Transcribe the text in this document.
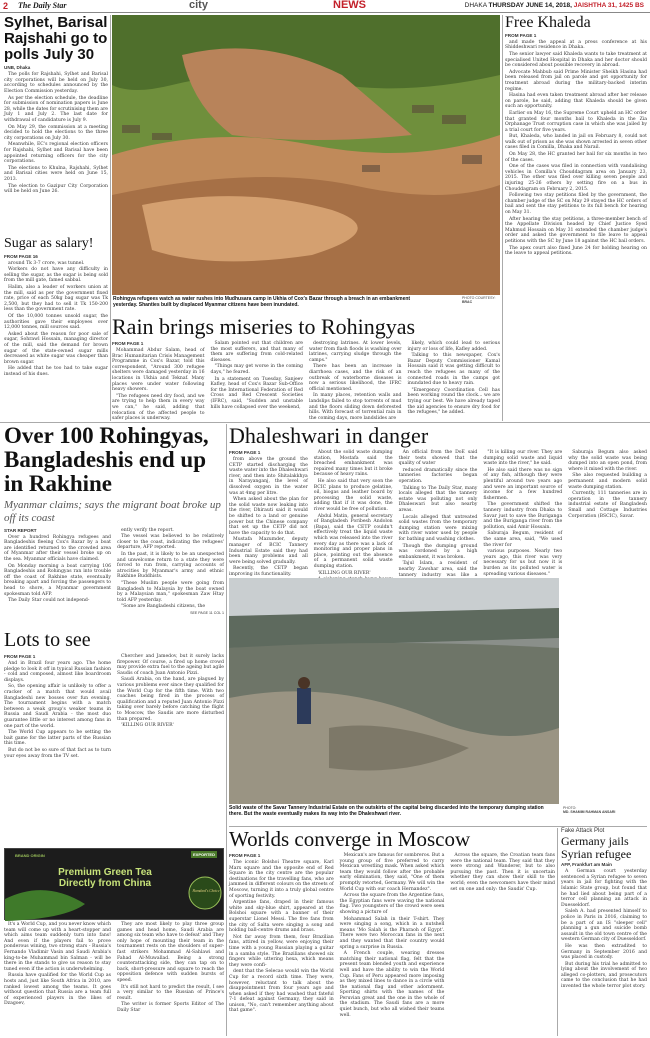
2 The Daily Star	city	NEWS	DHAKA THURSDAY JUNE 14, 2018, JAISHTHA 31, 1425 BS
Sylhet, Barisal Rajshahi go to polls July 30
UNB, Dhaka

The polls for Rajshahi, Sylhet and Barisal city corporations will be held on July 30, according to schedules announced by the Election Commission yesterday.

As per the election schedule, the deadline for submission of nomination papers is June 28, while the dates for scrutinising them are July 1 and July 2. The last date for withdrawal of candidature is July 9.

On May 29, the commission at a meeting decided to hold the elections to the three city corporations on July 30.

Meanwhile, EC's regional election officers for Rajshahi, Sylhet and Barisal have been appointed returning officers for the city corporations.

The elections to Khulna, Rajshahi, Sylhet and Barisal cities were held on June 15, 2013.

The election to Gazipur City Corporation will be held on June 26.

Sugar as salary!
FROM PAGE 16

around Tk 3-7 crore, was tunnel.

Workers do not have any difficulty in selling the sugar, as the sugar is being sold from the mill gate, famed sabbal.

Halim, also a leader of workers union at the mill, said as per the government fixed rate, price of each 50kg bag sugar was Tk 2,500, but they had to sell it Tk 150-200 less than the government rate.

Of the 10,000 tonnes unsold sugar, the authorities gave their employees over 12,000 tonnes, mill sources said.

Asked about the reason for poor sale of sugar, Sohrawl Hossain, managing director of the mill, said the demand for brown sugar of the state-owned sugar mills decreased as white sugar was cheaper than brown sugar.

He added that he too had to take sugar instead of his dues.

Rohingya refugees watch as water rushes into Mudhusara camp in Ukhia of Cox's Bazar through a breach in an embankment yesterday. Shanties built by displaced Myanmar citizens have been inundated.
PHOTO COURTESY:
BRAC
Rain brings miseries to Rohingyas
FROM PAGE 1

Mohammad Abdur Salam, head of Brac Humanitarian Crisis Management Programme in Cox's Bazar, told this correspondent, "Around 300 refugee shelters were damaged yesterday in 16 locations in Ukhia and Teknaf. Many places were under water following heavy showers.

"The refugees need dry food, and we are trying to help them in every way we can," he said, adding that relocation of the affected people to safer places is underway.

Salam pointed out that children are the most sufferers, and that many of them are suffering from cold-related diseases.

"Things may get worse in the coming days," he feared.

In a statement on Tuesday, Sanjeev Kafley, head of Cox's Bazar Sub-Office for the International Federation of Red Cross and Red Crescent Societies (IFRC), said, "Sudden and unstable hills have collapsed over the weekend,

destroying latrines. At lower levels, water from flash floods is washing over latrines, carrying sludge through the camps."

There has been an increase in diarrhoea cases, and the risk of an outbreak of waterborne diseases is now a serious likelihood, the IFRC official mentioned.

In many places, retention walls and landslips failed to stop torrents of mud and the floors sliding down deforested hills. With forecast of torrential rain in the coming days, more landslides are

likely, which could lead to serious injury or loss of life, Kafley added.

Talking to this newspaper, Cox's Bazar Deputy Commissioner Kamal Hossain said it was getting difficult to reach the refugees as many of the connected roads in the camps got inundated due to heavy rain.

"Emergency Coordination Cell has been working round the clock... we are trying our best. We have already taped the aid agencies to ensure dry food for the refugees," he added.

Free Khaleda
FROM PAGE 1

and made the appeal at a press conference at his Shiddeshwari residence in Dhaka.

The senior lawyer said Khaleda wants to take treatment at specialised United Hospital in Dhaka and her doctor should be considered about possible recovery in abroad.

Advocate Mahbub said Prime Minister Sheikh Hasina had been released from jail on parole and got opportunity for treatment abroad during the military-backed interim regime.

Hasina had even taken treatment abroad after her release on parole, he said, adding that Khaleda should be given such an opportunity.

Earlier on May 16, the Supreme Court upheld an HC order that granted four months bail to Khaleda in the Zia Orphanage Trust corruption case in which she was jailed by a trial court for five years.

But, Khaleda, who landed in jail on February 8, could not walk out of prison as she was shown arrested in seven other cases filed in Comilla, Dhaka and Narail.

On May 28, the HC granted her bail for six months in two of the cases.

One of the cases was filed in connection with vandalising vehicles in Comilla's Chouddagram area on January 23, 2015. The other was filed over killing seven people and injuring 25-26 others by setting fire on a bus in Chouddagram on February 2, 2015.

Following two stay petitions filed by the government, the chamber judge of the SC on May 29 stayed the HC orders of bail and sent the stay petitions to its full bench for hearing on May 31.

After hearing the stay petitions, a three-member bench of the Appellate Division headed by Chief Justice Syed Mahmud Hossain on May 31 extended the chamber judge's order and asked the government to file leave to appeal petitions with the SC by June 18 against the HC bail orders.

The apex court also fixed June 24 for holding hearing on the leave to appeal petitions.

Over 100 Rohingyas, Bangladeshis end up in Rakhine
Myanmar claims; says the migrant boat broke up off its coast
STAR REPORT

Over a hundred Rohingya refugees and Bangladeshis fleeing Cox's Bazar by a boat are identified returned to the crowded area of Myanmar after their vessel broke up on the sea. Myanmar officials have claimed.

On Monday morning a boat carrying 106 Bangladeshis and Rohingyas ran into trouble off the coast of Rakhine state, eventually breaking apart and forcing the passengers to head to shore, a Myanmar government spokesman told AFP.

The Daily Star could not independ-

ently verify the report.

The vessel was believed to be relatively closer to the coast, indicating the refugees' departure, AFP reported.

In the past, it is likely to be an unexpected and unwelcome return to a state they were forced to run from, carrying accounts of atrocities by Myanmar's army and ethnic Rakhine Buddhists.

"These Muslim people were going from Bangladesh to Malaysia by the boat owned by a Malaysian man," spokesman Zaw Htay told AFP yesterday.

"Some are Bangladeshi citizens, the

SEE PAGE 11 COL 1
Lots to see
FROM PAGE 1

And in Brazil four years ago. The home pledge to look it off in typical Russian fashion - cold and composed, almost like boardroom displays.

So, the opening affair is unlikely to offer a cracker of a match that would avail Bangladeshi new bosses over fun evening. The tournament begins with a match between a weak group's weaker teams in Russia and Saudi Arabia - the most duo guarantee little or no interest among fans in one part of the world.

The World Cup appears to be setting the bait game for the latter parts of the Russian this time.

But do not be so sure of that fact as to turn your eyes away from the TV set.

Cherchev and Jamedov, but it surely lacks firepower. Of course, a fired up home crowd may provide extra fuel to the ageing but agile Saudis of coach Juan Antonio Pizzi.

Saudi Arabia, on the hand, are plagued by various problems ever since they qualified for the World Cup for the fifth time. With two coaches being fired in the process of qualification and a reputed Juan Antonio Pizzi taking over barely before catching the flight to Moscow, the Saudis are more disturbed than prepared.

'KILLING OUR RIVER'

BRAND ORIGIN
Premium Green Tea Directly from China
EXPORTED
Hamdard's Choice

It's a World Cup, and you never know which team will come up with a heart-stopper and which aims team suddenly turn into fans! And even if the players fail to prove ponderous wining, two strong stars - Russia's Fernando Vladimir Vasin and Saudi Arabia's king-to-be Muhammad bin Salman - will be there in the stands to give us reason to stay tuned even if the action is underwhelming.

Russia have qualified for the World Cup as hosts and, just like South Africa in 2010, are ranked lowest among the teams. It goes without question that Russia are a team full of experienced players in the likes of Dzagoev,

They are most likely to play three group games and head home, Saudi Arabia are among six team who have to defeat' and They only hope of mounting their team in the tournament rests on the shoulders of super-fast strikers Mohammad Al-Sahlawi and Fahad Al-Muwallad. Being a strong counterattacking side, they can tap on to back, short-pressure and square to reach the opposition defence with sudden bursts of speed.

It's still not hard to predict the result, I see a very similar to the Russian of Prince's result.

The writer is former Sports Editor of The Daily Star

Dhaleshwari in danger
FROM PAGE 1

from above the ground the CETP started discharging the waste water into the Dhaleshwari river, and then into Shitalakkhya in Narayanganj, the level of dissolved oxygen in the water was at 4mg per litre.

When asked about the plan for the solid waste now leaking into the river, Dhirauti said it would be shifted to a land or genuine power but the Chinese company that set up the CETP did not have the capacity to do that.

Mustafa Mazumder, deputy manager of BCIC Tannery Industrial Estate said they had been many problems and all were being solved gradually.

Recently, the CETP began improving its functionality.

About the solid waste dumping station, Mostafa said the breached embankment was repaired many times but it broke because of heavy rains.

He also said that very soon the BCIC plans to produce gelatine, oil, biogas and leather board by processing the solid waste, adding that if it was done, the river would be free of pollution.

Abdul Matin, general secretary of Bangladesh Poribesh Andolon (Bapa), said the CETP couldn't effectively treat the liquid waste which was released into the river every day as there was a lack of monitoring and proper plans in place, pointing out the absence of a permanent solid waste dumping station.

'KILLING OUR RIVER'

An official from the DoE said their tests showed that the quality of water

reduced dramatically since the tanneries factories began operation.

Talking to The Daily Star, many locals alleged that the tannery estate was polluting not only Dhaleswari but also nearby areas.

Locals alleged that untreated solid wastes from the temporary dumping station were mixing with river water used by people for bathing and washing clothes.

Though the dumping ground was cordoned by a high embankment, it was broken.

Tajul Islam, a resident of nearby Zawshar area, said the tannery industry was like a

"It is killing our river. They are dumping solid waste and liquid waste into the river," he said.

He also said there was no sign of any fish, although they were plentiful around two years ago and were an important source of income for a few hundred fishermen.

The government shifted the tannery industry from Dhaka to Savar just to save the Buriganga and the Buriganga river from the pollution, said Amir Hossain.

Saburaja Begum, resident of the same area, said, "We used the river for

various purposes. Nearly two years ago, this river was very necessary for us but now it is burden as its polluted water is spreading various diseases."

Saburaja Begum also asked why the solid waste was being dumped into an open pond, from where it mixed with the river.

She also requested building a permanent and modern solid waste dumping station.

Currently, 111 tanneries are in operation in the tannery industrial estate of Bangladesh Small and Cottage Industries Corporation (BSCIC), Savar.

Solid waste of the Savar Tannery Industrial Estate on the outskirts of the capital being discarded into the temporary dumping station there. But the waste eventually makes its way into the Dhaleshwari river.
PHOTO:
MD. SHAMIM RAHMAN ANSARI
Worlds converge in Moscow
FROM PAGE 1

The iconic Bolshoi Theatre square, Karl Marx square and the opposite end of Red Square in the city centre are the popular destinations for the travelling fans, who are jammed in different colours on the streets of Moscow, turning it into a truly global centre of sporting festivity.

Argentine fans, draped in their famous white and sky-blue shirt, appeared at the Bolshoi square with a banner of their superstar Lionel Messi. The five fans from the city of Salta were singing a song and holding ball-centre drums and brass.

Not far away from them, four Brazilian fans, attired in yellow, were enjoying their time with a young Russian playing a guitar in a samba style. The Brazilians showed six fingers while uttering hexa, which means they were confi-

dent that the Selecao would win the World Cup for a record sixth time. They were, however, reluctant to talk about the disappointment from four years ago and when asked if they had washed that fateful 7-1 defeat against Germany, they said in unison, "No, can't remember anything about that game".

Mexican's are famous for sombreros. But a young group of five preferred to carry Mexican wrestling mask. When asked which team they would follow after the probable early elimination, they said, "One of them promptly retorted, Germany. We will win the World Cup with our coach Hernandez".

Across the square from the Argentine fans, the Egyptian fans were waving the national flag. Two youngsters of the crowd were seen showing a picture of

Mohammad Salah in their T-shirt. They were singing a song, which in a nutshell means 'Mo Salah is the Pharaoh of Egypt'. There were two Moroccan fans in the next and they wanted that their country would spring a surprise in Russia.

A French couple, wearing dresses matching their national flag, felt that the present team blended youth and experience well and have the ability to win the World Cup. Fans of Peru appeared more imposing as they mixed lines to dance in a circle with the national flag and other adornment. Sporting shirts with the names of the Peruvian great and the one in the whole of the stadium. The Saudi fans are a more quiet bunch, but who all wished their teams well.

Across the square, the Croatian team fans were the national team. They said that they were strong and Wanderer, but to also pursuing the past. Then it is uncertain whether they can show their skill to the world; even the newcomers have their mind set on one and only: the Saudis' Cup.

Fake Attack Plot
Germany jails Syrian refugee
AFP, Frankfurt am Main

A German court yesterday sentenced a Syrian refugee to seven years in jail for fighting with the Islamic State group, but found that he had lied about being part of a terror cell planning an attack in Duesseldorf.

Saleh A. had presented himself to police in Paris in 2016, claiming to be a part of an IS "sleeper cell" planning a gun and suicide bomb assault in the old town centre of the western German city of Duesseldorf.

He was then extradited to Germany in September 2016 and was placed in custody.

But during his trial he admitted to lying about the involvement of two alleged co-plotters, and prosecutors came to the conclusion that he had invented the whole terror plot story.
